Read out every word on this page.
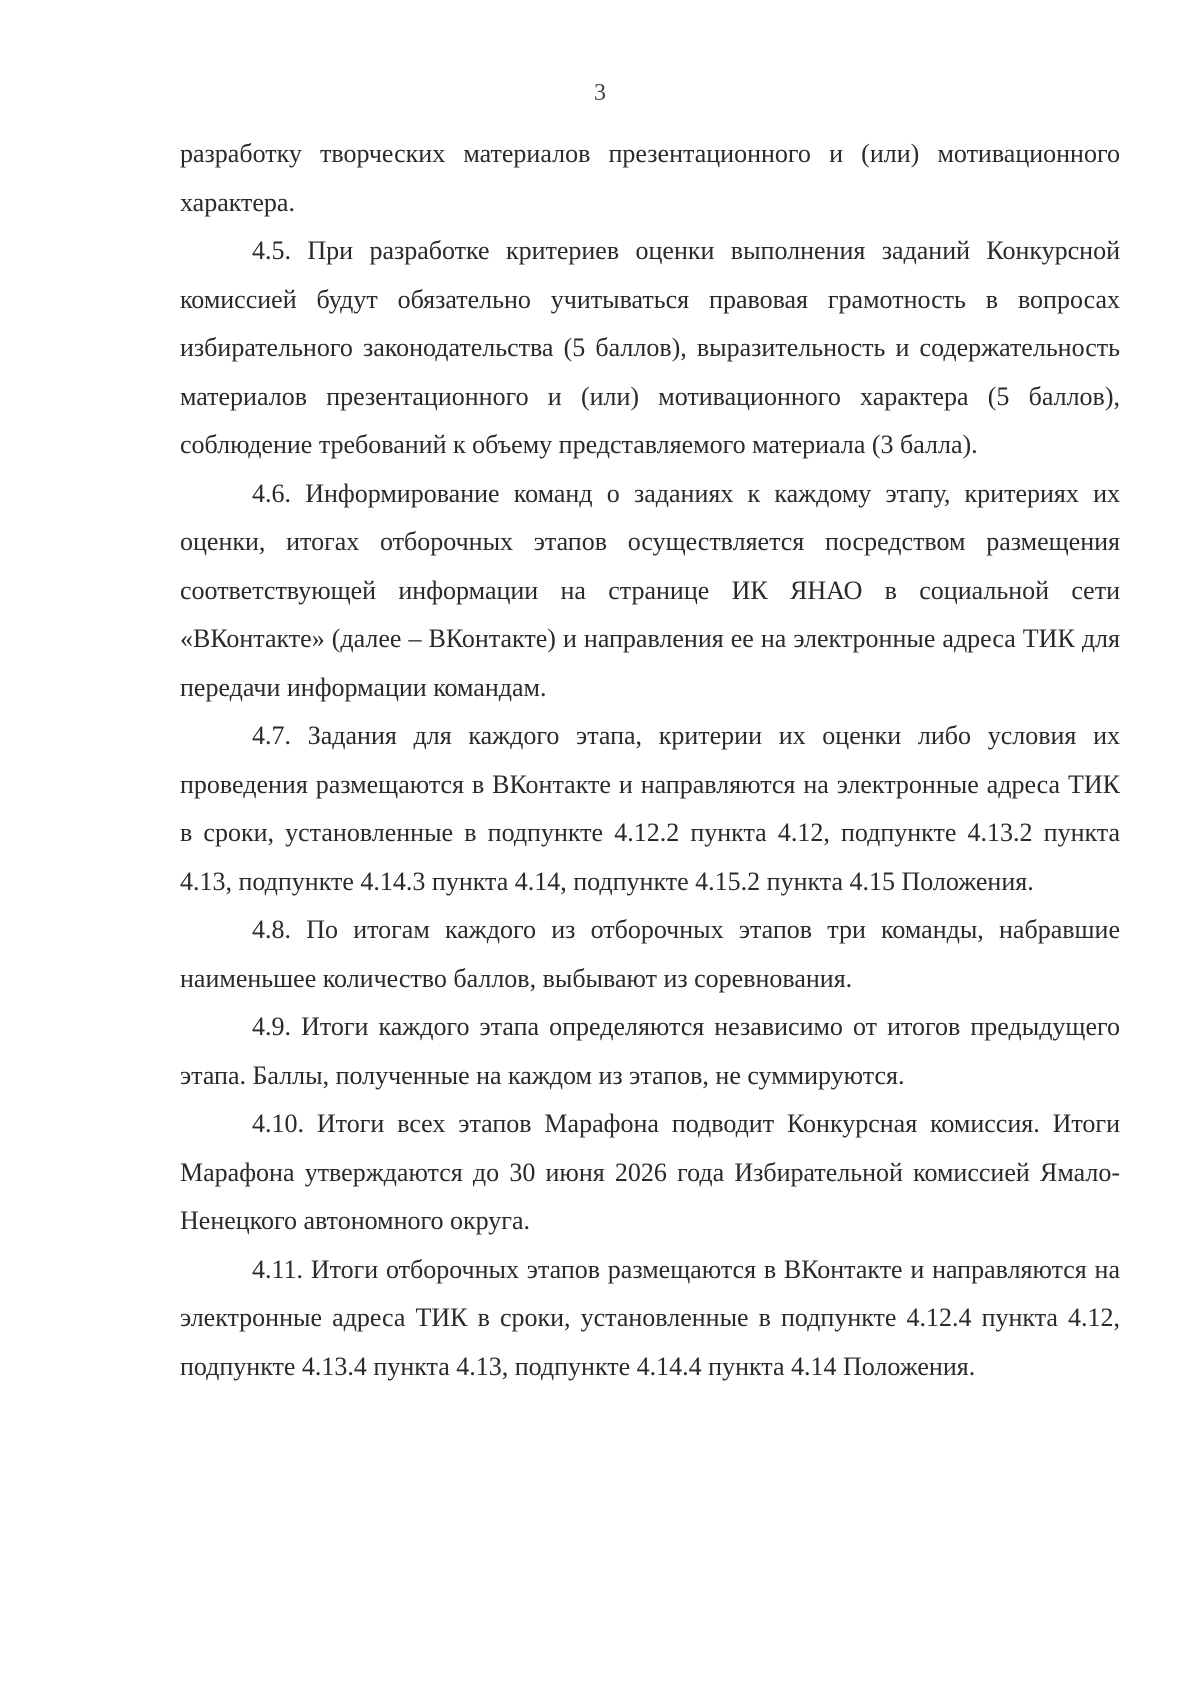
3

разработку творческих материалов презентационного и (или) мотивационного характера.

4.5. При разработке критериев оценки выполнения заданий Конкурсной комиссией будут обязательно учитываться правовая грамотность в вопросах избирательного законодательства (5 баллов), выразительность и содержательность материалов презентационного и (или) мотивационного характера (5 баллов), соблюдение требований к объему представляемого материала (3 балла).

4.6. Информирование команд о заданиях к каждому этапу, критериях их оценки, итогах отборочных этапов осуществляется посредством размещения соответствующей информации на странице ИК ЯНАО в социальной сети «ВКонтакте» (далее – ВКонтакте) и направления ее на электронные адреса ТИК для передачи информации командам.

4.7. Задания для каждого этапа, критерии их оценки либо условия их проведения размещаются в ВКонтакте и направляются на электронные адреса ТИК в сроки, установленные в подпункте 4.12.2 пункта 4.12, подпункте 4.13.2 пункта 4.13, подпункте 4.14.3 пункта 4.14, подпункте 4.15.2 пункта 4.15 Положения.

4.8. По итогам каждого из отборочных этапов три команды, набравшие наименьшее количество баллов, выбывают из соревнования.

4.9. Итоги каждого этапа определяются независимо от итогов предыдущего этапа. Баллы, полученные на каждом из этапов, не суммируются.

4.10. Итоги всех этапов Марафона подводит Конкурсная комиссия. Итоги Марафона утверждаются до 30 июня 2026 года Избирательной комиссией Ямало-Ненецкого автономного округа.

4.11. Итоги отборочных этапов размещаются в ВКонтакте и направляются на электронные адреса ТИК в сроки, установленные в подпункте 4.12.4 пункта 4.12, подпункте 4.13.4 пункта 4.13, подпункте 4.14.4 пункта 4.14 Положения.
